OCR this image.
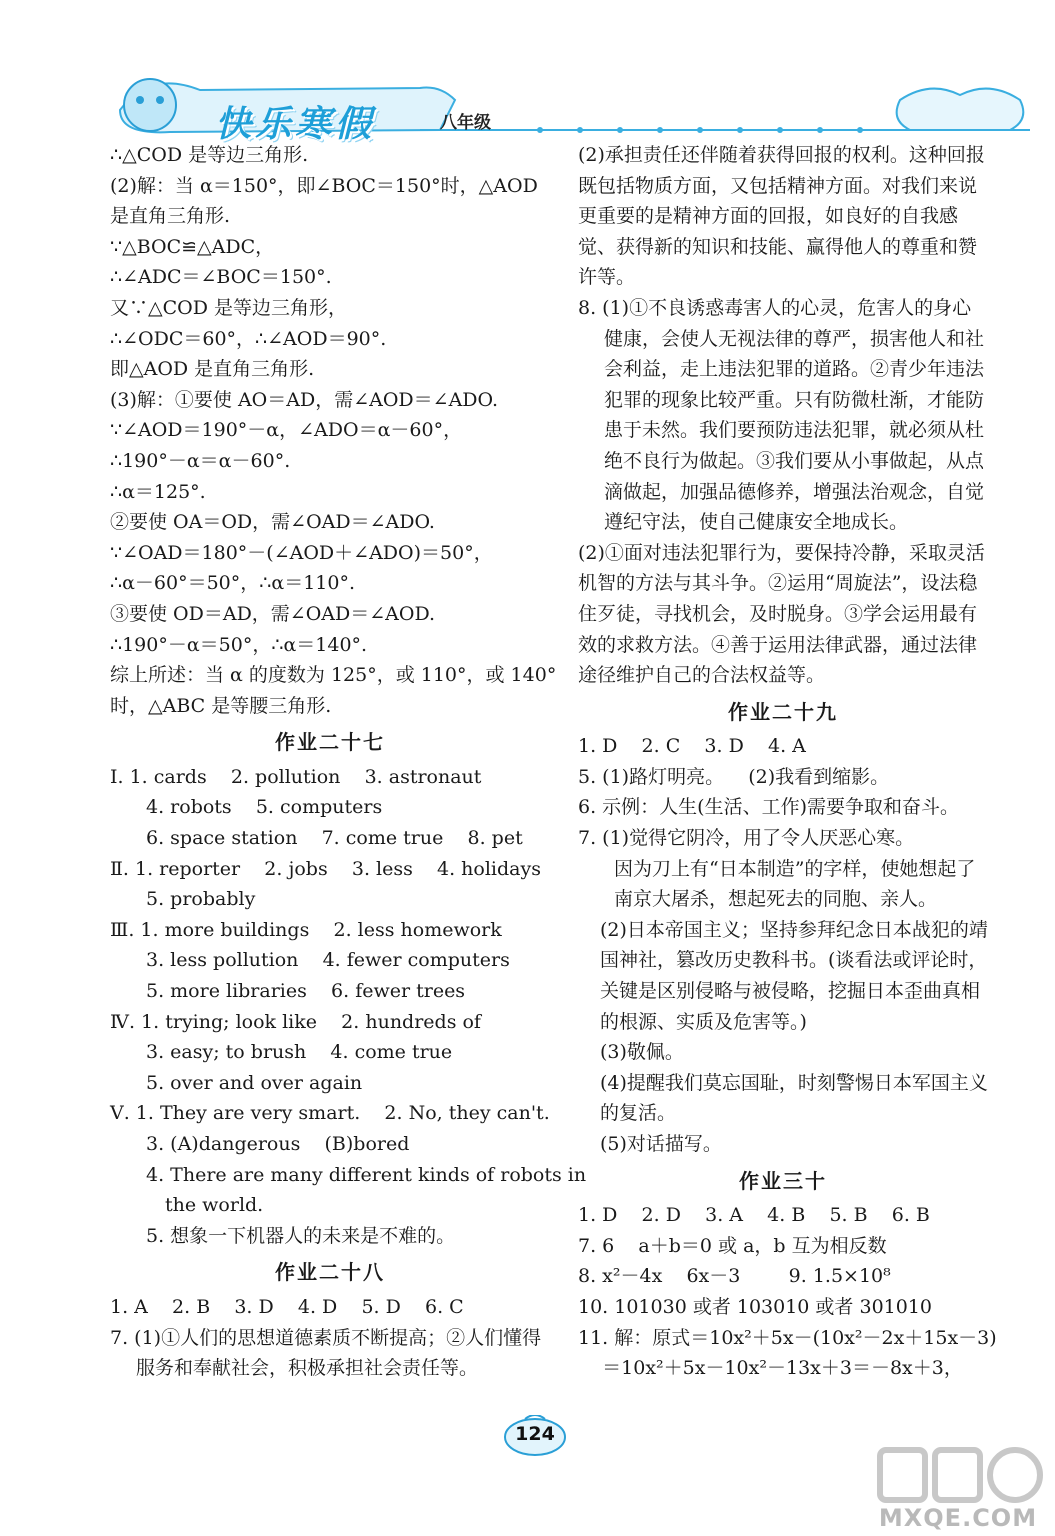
快乐寒假	八年级
∴△COD 是等边三角形.
(2)解：当 α＝150°，即∠BOC＝150°时，△AOD
是直角三角形.
∵△BOC≌△ADC，
∴∠ADC＝∠BOC＝150°.
又∵△COD 是等边三角形，
∴∠ODC＝60°，∴∠AOD＝90°.
即△AOD 是直角三角形.
(3)解：①要使 AO＝AD，需∠AOD＝∠ADO.
∵∠AOD＝190°－α，∠ADO＝α－60°，
∴190°－α＝α－60°.
∴α＝125°.
②要使 OA＝OD，需∠OAD＝∠ADO.
∵∠OAD＝180°－(∠AOD＋∠ADO)＝50°，
∴α－60°＝50°，∴α＝110°.
③要使 OD＝AD，需∠OAD＝∠AOD.
∴190°－α＝50°，∴α＝140°.
综上所述：当 α 的度数为 125°，或 110°，或 140°
时，△ABC 是等腰三角形.
作业二十七
Ⅰ. 1. cards    2. pollution    3. astronaut
4. robots    5. computers
6. space station    7. come true    8. pet
Ⅱ. 1. reporter    2. jobs    3. less    4. holidays
5. probably
Ⅲ. 1. more buildings    2. less homework
3. less pollution    4. fewer computers
5. more libraries    6. fewer trees
Ⅳ. 1. trying; look like    2. hundreds of
3. easy; to brush    4. come true
5. over and over again
Ⅴ. 1. They are very smart.    2. No, they can't.
3. (A)dangerous    (B)bored
4. There are many different kinds of robots in
the world.
5. 想象一下机器人的未来是不难的。
作业二十八
1. A    2. B    3. D    4. D    5. D    6. C
7. (1)①人们的思想道德素质不断提高；②人们懂得服务和奉献社会，积极承担社会责任等。
(2)承担责任还伴随着获得回报的权利。这种回报既包括物质方面，又包括精神方面。对我们来说更重要的是精神方面的回报，如良好的自我感觉、获得新的知识和技能、赢得他人的尊重和赞许等。
8. (1)①不良诱惑毒害人的心灵，危害人的身心健康，会使人无视法律的尊严，损害他人和社会利益，走上违法犯罪的道路。②青少年违法犯罪的现象比较严重。只有防微杜渐，才能防患于未然。我们要预防违法犯罪，就必须从杜绝不良行为做起。③我们要从小事做起，从点滴做起，加强品德修养，增强法治观念，自觉遵纪守法，使自己健康安全地成长。
(2)①面对违法犯罪行为，要保持冷静，采取灵活机智的方法与其斗争。②运用“周旋法”，设法稳住歹徒，寻找机会，及时脱身。③学会运用最有效的求救方法。④善于运用法律武器，通过法律途径维护自己的合法权益等。
作业二十九
1. D    2. C    3. D    4. A
5. (1)路灯明亮。    (2)我看到缩影。
6. 示例：人生(生活、工作)需要争取和奋斗。
7. (1)觉得它阴冷，用了令人厌恶心寒。
因为刀上有“日本制造”的字样，使她想起了南京大屠杀，想起死去的同胞、亲人。
(2)日本帝国主义；坚持参拜纪念日本战犯的靖国神社，篡改历史教科书。(谈看法或评论时，关键是区别侵略与被侵略，挖掘日本歪曲真相的根源、实质及危害等。)
(3)敬佩。
(4)提醒我们莫忘国耻，时刻警惕日本军国主义的复活。
(5)对话描写。
作业三十
1. D    2. D    3. A    4. B    5. B    6. B
7. 6    a＋b＝0 或 a，b 互为相反数
8. x²－4x    6x－3        9. 1.5×10⁸
10. 101030 或者 103010 或者 301010
11. 解：原式＝10x²＋5x－(10x²－2x＋15x－3)
＝10x²＋5x－10x²－13x＋3＝－8x＋3，
124
MXQE.COM
